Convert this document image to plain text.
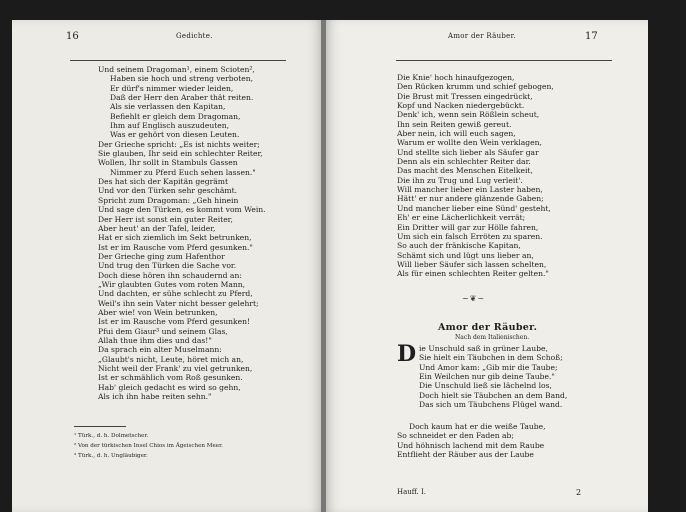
16	Gedichte.
Und seinem Dragoman¹, einem Scioten²,
Haben sie hoch und streng verboten,
Er dürf's nimmer wieder leiden,
Daß der Herr den Araber thät reiten.
Als sie verlassen den Kapitan,
Befiehlt er gleich dem Dragoman,
Ihm auf Englisch auszudeuten,
Was er gehört von diesen Leuten.
Der Grieche spricht: „Es ist nichts weiter;
Sie glauben, Ihr seid ein schlechter Reiter,
Wollen, Ihr sollt in Stambuls Gassen
Nimmer zu Pferd Euch sehen lassen."
Des hat sich der Kapitän gegrämt
Und vor den Türken sehr geschämt.
Spricht zum Dragoman: „Geh hinein
Und sage den Türken, es kommt vom Wein.
Der Herr ist sonst ein guter Reiter,
Aber heut' an der Tafel, leider,
Hat er sich ziemlich im Sekt betrunken,
Ist er im Rausche vom Pferd gesunken."
Der Grieche ging zum Hafenthor
Und trug den Türken die Sache vor.
Doch diese hören ihn schaudernd an:
„Wir glaubten Gutes vom roten Mann,
Und dachten, er sühe schlecht zu Pferd,
Weil's ihn sein Vater nicht besser gelehrt;
Aber wie! von Wein betrunken,
Ist er im Rausche vom Pferd gesunken!
Pfui dem Giaur³ und seinem Glas,
Allah thue ihm dies und das!"
Da sprach ein alter Muselmann:
„Glaubt's nicht, Leute, höret mich an,
Nicht weil der Frank' zu viel getrunken,
Ist er schmählich vom Roß gesunken.
Hab' gleich gedacht es wird so gehn,
Als ich ihn habe reiten sehn."
¹ Türk., d. h. Dolmetscher.
² Von der türkischen Insel Chios im Ägeischen Meer.
³ Türk., d. h. Ungläubiger.
Amor der Räuber.	17
Die Knie' hoch hinaufgezogen,
Den Rücken krumm und schief gebogen,
Die Brust mit Tressen eingedrückt,
Kopf und Nacken niedergebückt.
Denk' ich, wenn sein Rößlein scheut,
Ihn sein Reiten gewiß gereut.
Aber nein, ich will euch sagen,
Warum er wollte den Wein verklagen,
Und stellte sich lieber als Säufer gar
Denn als ein schlechter Reiter dar.
Das macht des Menschen Eitelkeit,
Die ihn zu Trug und Lug verleit'.
Will mancher lieber ein Laster haben,
Hätt' er nur andere glänzende Gaben;
Und mancher lieber eine Sünd' gesteht,
Eh' er eine Lächerlichkeit verrät;
Ein Dritter will gar zur Hölle fahren,
Um sich ein falsch Erröten zu sparen.
So auch der fränkische Kapitan,
Schämt sich und lügt uns lieber an,
Will lieber Säufer sich lassen schelten,
Als für einen schlechten Reiter gelten."
~❦~
Amor der Räuber.
Nach dem Italienischen.
D ie Unschuld saß in grüner Laube,
Sie hielt ein Täubchen in dem Schoß;
Und Amor kam: „Gib mir die Taube;
Ein Weilchen nur gib deine Taube."
Die Unschuld ließ sie lächelnd los,
Doch hielt sie Täubchen an dem Band,
Das sich um Täubchens Flügel wand.
Doch kaum hat er die weiße Taube,
So schneidet er den Faden ab;
Und höhnisch lachend mit dem Raube
Entflieht der Räuber aus der Laube
Hauff. I.	2
